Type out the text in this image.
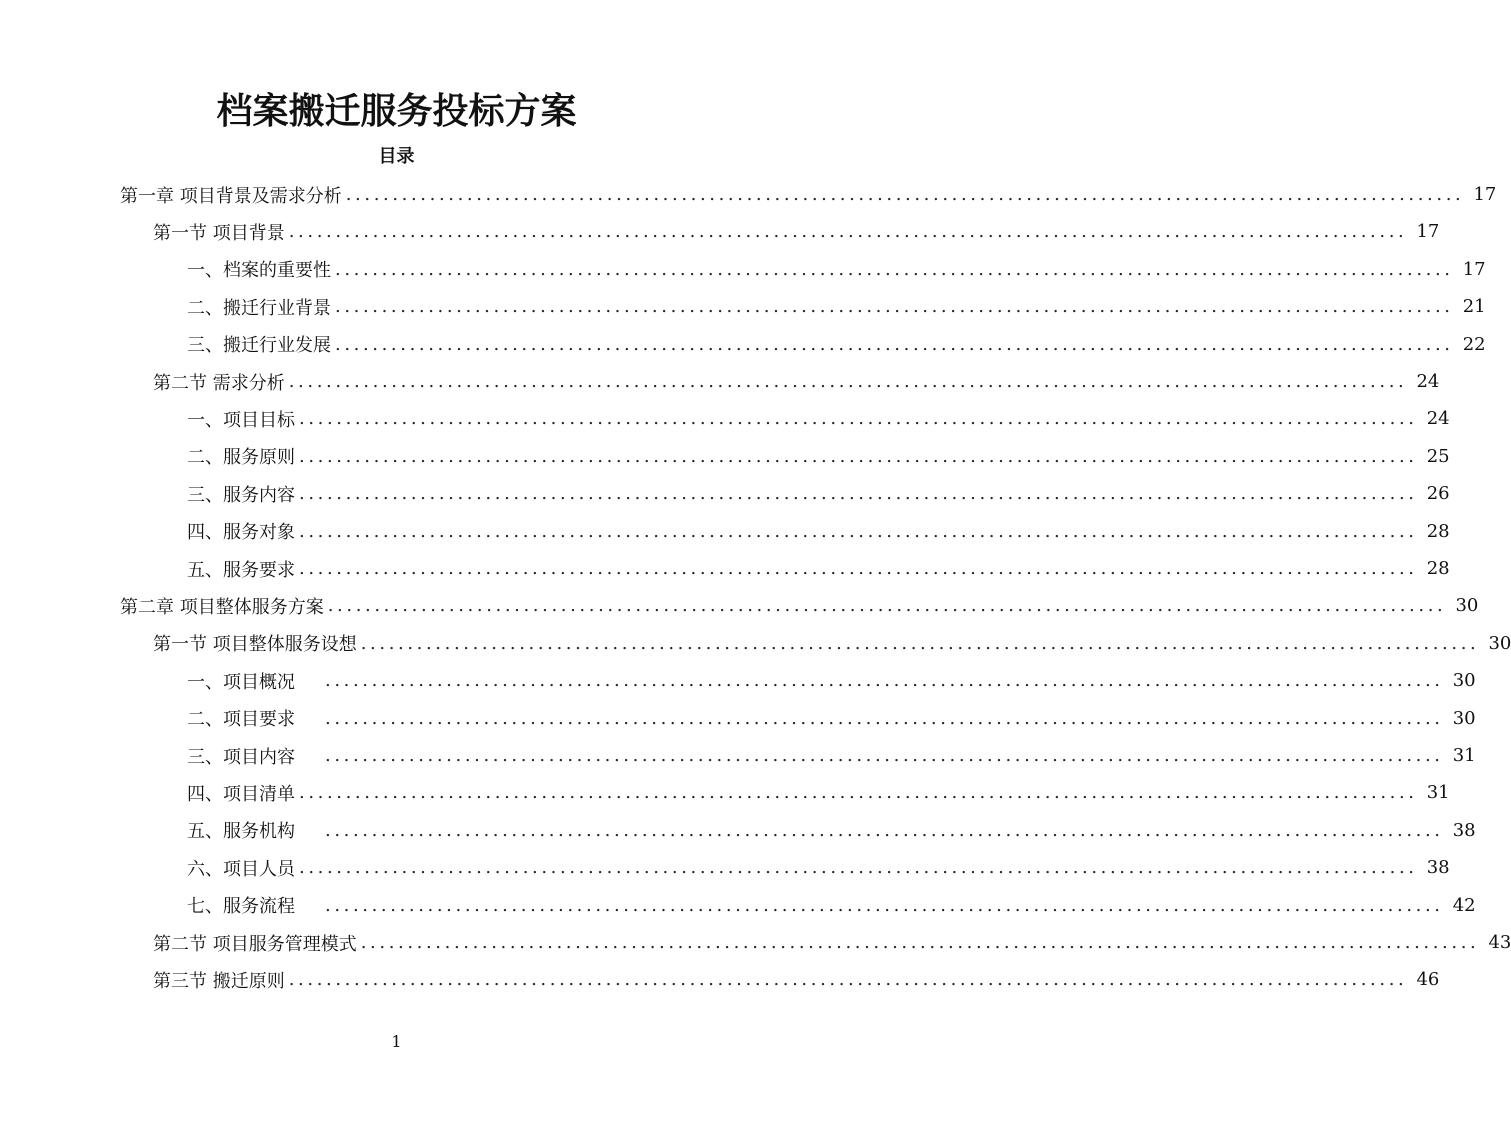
档案搬迁服务投标方案
目录
第一章 项目背景及需求分析 ........................................................................................................................ 17
第一节 项目背景 ........................................................................................................................ 17
一、档案的重要性 ........................................................................................................................ 17
二、搬迁行业背景 ........................................................................................................................ 21
三、搬迁行业发展 ........................................................................................................................ 22
第二节 需求分析 ........................................................................................................................ 24
一、项目目标 ........................................................................................................................ 24
二、服务原则 ........................................................................................................................ 25
三、服务内容 ........................................................................................................................ 26
四、服务对象 ........................................................................................................................ 28
五、服务要求 ........................................................................................................................ 28
第二章 项目整体服务方案 ........................................................................................................................ 30
第一节 项目整体服务设想 ........................................................................................................................ 30
一、项目概况	........................................................................................................................ 30
二、项目要求	........................................................................................................................ 30
三、项目内容	........................................................................................................................ 31
四、项目清单 ........................................................................................................................ 31
五、服务机构	........................................................................................................................ 38
六、项目人员 ........................................................................................................................ 38
七、服务流程	........................................................................................................................ 42
第二节 项目服务管理模式 ........................................................................................................................ 43
第三节 搬迁原则 ........................................................................................................................ 46
1
